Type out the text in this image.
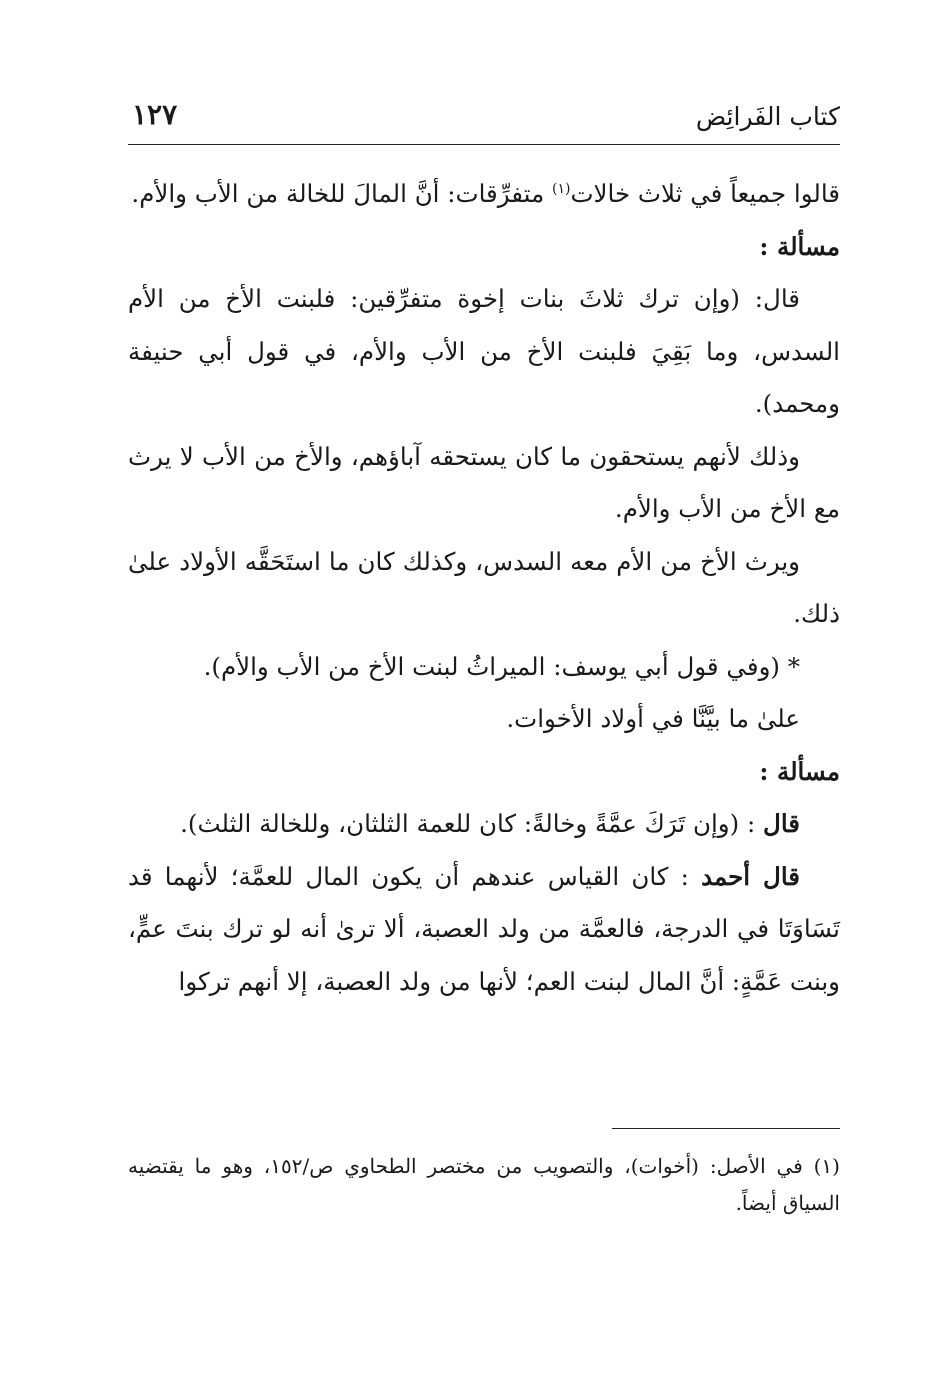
كتاب الفَرائِض
١٢٧

قالوا جميعاً في ثلاث خالات$^{(١)}$ متفرِّقات: أنَّ المالَ للخالة من الأب والأم.

مسألة :

قال: (وإن ترك ثلاثَ بنات إخوة متفرِّقين: فلبنت الأخ من الأم السدس، وما بَقِيَ فلبنت الأخ من الأب والأم، في قول أبي حنيفة ومحمد).

وذلك لأنهم يستحقون ما كان يستحقه آباؤهم، والأخ من الأب لا يرث مع الأخ من الأب والأم.

ويرث الأخ من الأم معه السدس، وكذلك كان ما استَحَقَّه الأولاد علىٰ ذلك.

* (وفي قول أبي يوسف: الميراثُ لبنت الأخ من الأب والأم).

علىٰ ما بيَّنَّا في أولاد الأخوات.

مسألة :

قال : (وإن تَرَكَ عمَّةً وخالةً: كان للعمة الثلثان، وللخالة الثلث).

قال أحمد : كان القياس عندهم أن يكون المال للعمَّة؛ لأنهما قد تَسَاوَتَا في الدرجة، فالعمَّة من ولد العصبة، ألا ترىٰ أنه لو ترك بنتَ عمٍّ، وبنت عَمَّةٍ: أنَّ المال لبنت العم؛ لأنها من ولد العصبة، إلا أنهم تركوا

(١) في الأصل: (أخوات)، والتصويب من مختصر الطحاوي ص/١٥٢، وهو ما يقتضيه السياق أيضاً.
